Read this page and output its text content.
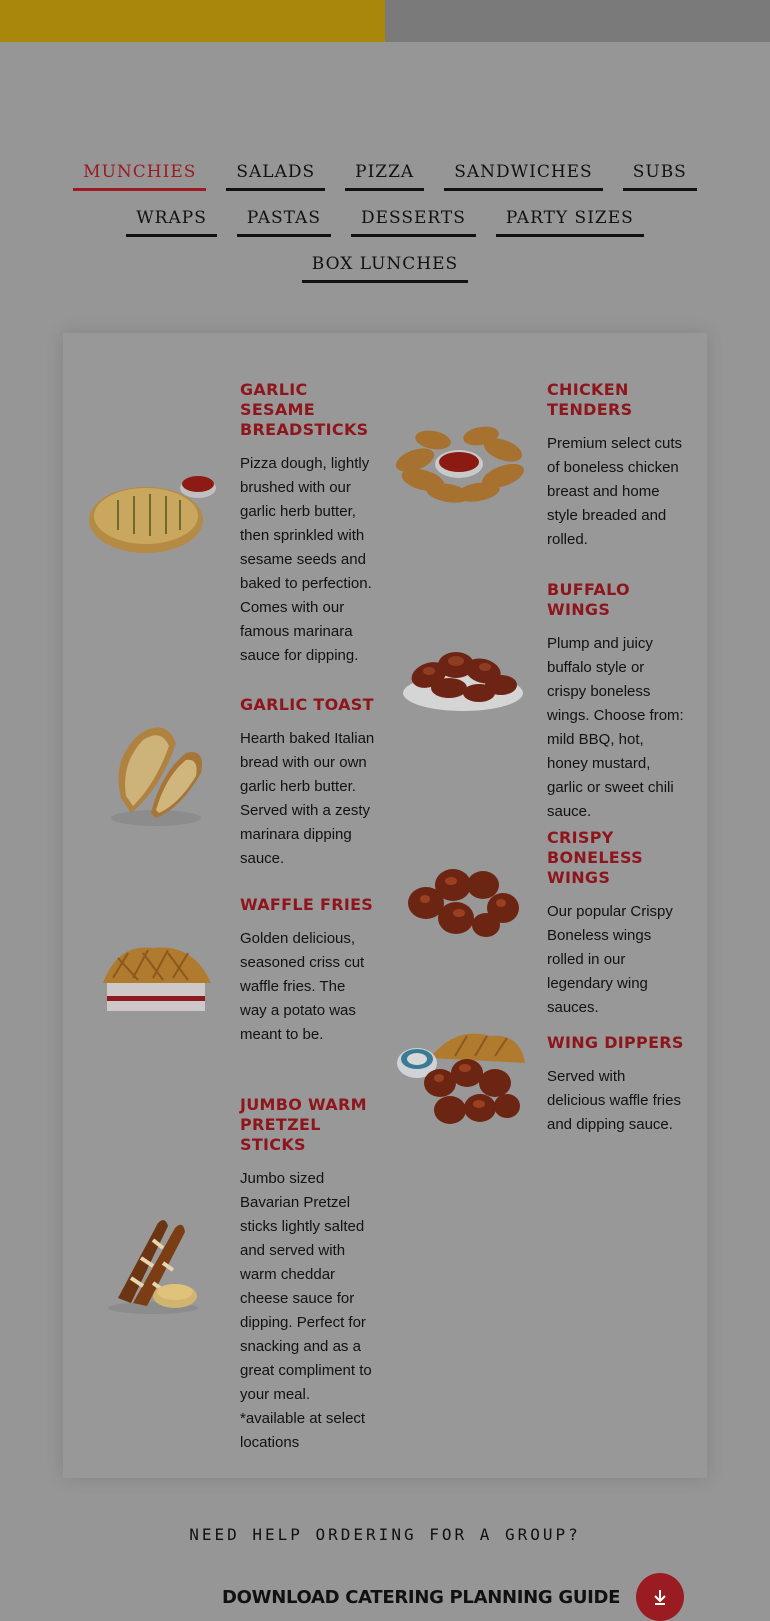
MUNCHIES	SALADS	PIZZA	SANDWICHES	SUBS
WRAPS	PASTAS	DESSERTS	PARTY SIZES
BOX LUNCHES
GARLIC SESAME BREADSTICKS
Pizza dough, lightly brushed with our garlic herb butter, then sprinkled with sesame seeds and baked to perfection. Comes with our famous marinara sauce for dipping.
GARLIC TOAST
Hearth baked Italian bread with our own garlic herb butter. Served with a zesty marinara dipping sauce.
WAFFLE FRIES
Golden delicious, seasoned criss cut waffle fries. The way a potato was meant to be.
JUMBO WARM PRETZEL STICKS
Jumbo sized Bavarian Pretzel sticks lightly salted and served with warm cheddar cheese sauce for dipping. Perfect for snacking and as a great compliment to your meal.
*available at select locations
CHICKEN TENDERS
Premium select cuts of boneless chicken breast and home style breaded and rolled.
BUFFALO WINGS
Plump and juicy buffalo style or crispy boneless wings. Choose from: mild BBQ, hot, honey mustard, garlic or sweet chili sauce.
CRISPY BONELESS WINGS
Our popular Crispy Boneless wings rolled in our legendary wing sauces.
WING DIPPERS
Served with delicious waffle fries and dipping sauce.
NEED HELP ORDERING FOR A GROUP?
DOWNLOAD CATERING PLANNING GUIDE
